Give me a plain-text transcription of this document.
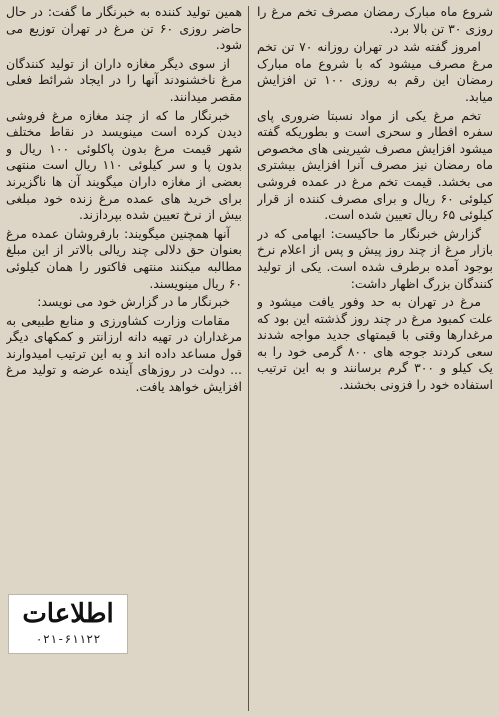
شروع ماه مبارک رمضان مصرف تخم مرغ را روزی ۳۰ تن بالا برد.

امروز گفته شد در تهران روزانه ۷۰ تن تخم مرغ مصرف میشود که با شروع ماه مبارک رمضان این رقم به روزی ۱۰۰ تن افزایش میابد.

تخم مرغ یکی از مواد نسبتا ضروری پای سفره افطار و سحری است و بطوریکه گفته میشود افزایش مصرف شیرینی های مخصوص ماه رمضان نیز مصرف آنرا افزایش بیشتری می بخشد. قیمت تخم مرغ در عمده فروشی کیلوئی ۶۰ ریال و برای مصرف کننده از قرار کیلوئی ۶۵ ریال تعیین شده است.

گزارش خبرنگار ما حاکیست: ابهامی که در بازار مرغ از چند روز پیش و پس از اعلام نرخ بوجود آمده برطرف شده است. یکی از تولید کنندگان بزرگ اظهار داشت:

مرغ در تهران به حد وفور یافت میشود و علت کمبود مرغ در چند روز گذشته این بود که مرغدارها وقتی با قیمتهای جدید مواجه شدند سعی کردند جوجه های ۸۰۰ گرمی خود را به یک کیلو و ۳۰۰ گرم برسانند و به این ترتیب استفاده خود را فزونی بخشند.

همین تولید کننده به خبرنگار ما گفت: در حال حاضر روزی ۶۰ تن مرغ در تهران توزیع می شود.

از سوی دیگر مغازه داران از تولید کنندگان مرغ ناخشنودند آنها را در ایجاد شرائط فعلی مقصر میدانند.

خبرنگار ما که از چند مغازه مرغ فروشی دیدن کرده است مینویسد در نقاط مختلف شهر قیمت مرغ بدون پاکلوئی ۱۰۰ ریال و بدون پا و سر کیلوئی ۱۱۰ ریال است منتهی بعضی از مغازه داران میگویند آن ها ناگزیرند برای خرید های عمده مرغ زنده خود مبلغی بیش از نرخ تعیین شده بپردازند.

آنها همچنین میگویند: بارفروشان عمده مرغ بعنوان حق دلالی چند ریالی بالاتر از این مبلغ مطالبه میکنند منتهی فاکتور را همان کیلوئی ۶۰ ریال مینویسند.

خبرنگار ما در گزارش خود می نویسد:

مقامات وزارت کشاورزی و منابع طبیعی به مرغداران در تهیه دانه ارزانتر و کمکهای دیگر قول مساعد داده اند و به این ترتیب امیدوارند ... دولت در روزهای آینده عرضه و تولید مرغ افزایش خواهد یافت.

اطلاعات
۰۲۱-۶۱۱۲۲
